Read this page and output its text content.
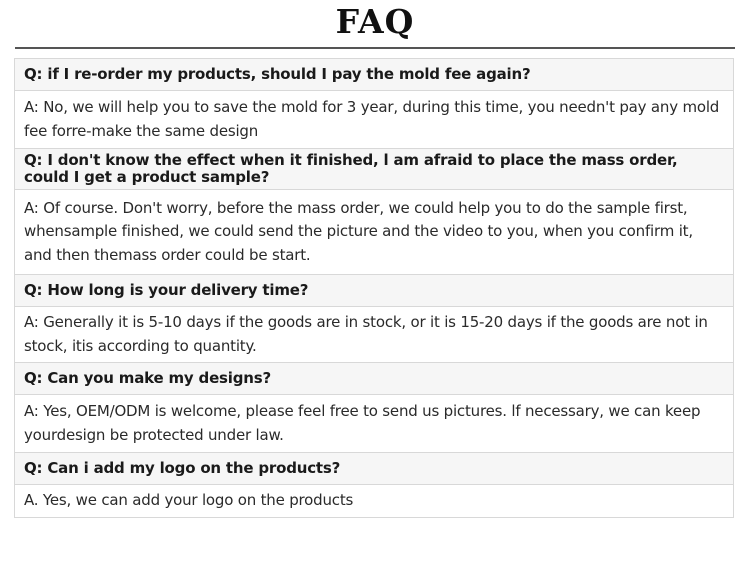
FAQ
Q: if I re-order my products, should I pay the mold fee again?
A: No, we will help you to save the mold for 3 year, during this time, you needn't pay any mold fee forre-make the same design
Q: I don't know the effect when it finished, l am afraid to place the mass order, could I get a product sample?
A: Of course. Don't worry, before the mass order, we could help you to do the sample first, whensample finished, we could send the picture and the video to you, when you confirm it, and then themass order could be start.
Q: How long is your delivery time?
A: Generally it is 5-10 days if the goods are in stock, or it is 15-20 days if the goods are not in stock, itis according to quantity.
Q: Can you make my designs?
A: Yes, OEM/ODM is welcome, please feel free to send us pictures. lf necessary, we can keep yourdesign be protected under law.
Q: Can i add my logo on the products?
A. Yes, we can add your logo on the products
